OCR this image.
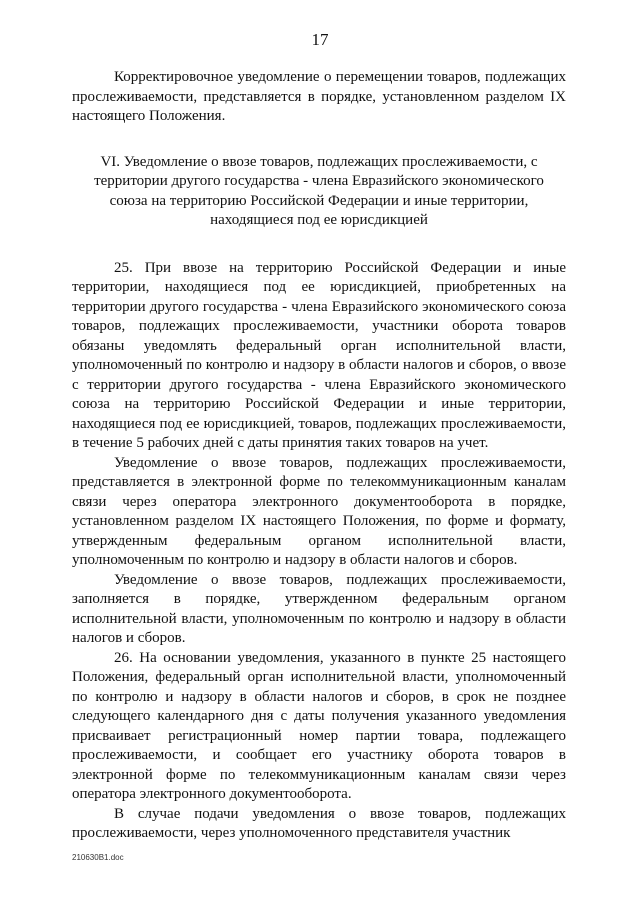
17

Корректировочное уведомление о перемещении товаров, подлежащих прослеживаемости, представляется в порядке, установленном разделом IX настоящего Положения.

VI. Уведомление о ввозе товаров, подлежащих прослеживаемости, с
территории другого государства - члена Евразийского экономического
союза на территорию Российской Федерации и иные территории,
находящиеся под ее юрисдикцией

25. При ввозе на территорию Российской Федерации и иные территории, находящиеся под ее юрисдикцией, приобретенных на территории другого государства - члена Евразийского экономического союза товаров, подлежащих прослеживаемости, участники оборота товаров обязаны уведомлять федеральный орган исполнительной власти, уполномоченный по контролю и надзору в области налогов и сборов, о ввозе с территории другого государства - члена Евразийского экономического союза на территорию Российской Федерации и иные территории, находящиеся под ее юрисдикцией, товаров, подлежащих прослеживаемости, в течение 5 рабочих дней с даты принятия таких товаров на учет.

Уведомление о ввозе товаров, подлежащих прослеживаемости, представляется в электронной форме по телекоммуникационным каналам связи через оператора электронного документооборота в порядке, установленном разделом IX настоящего Положения, по форме и формату, утвержденным федеральным органом исполнительной власти, уполномоченным по контролю и надзору в области налогов и сборов.

Уведомление о ввозе товаров, подлежащих прослеживаемости, заполняется в порядке, утвержденном федеральным органом исполнительной власти, уполномоченным по контролю и надзору в области налогов и сборов.

26. На основании уведомления, указанного в пункте 25 настоящего Положения, федеральный орган исполнительной власти, уполномоченный по контролю и надзору в области налогов и сборов, в срок не позднее следующего календарного дня с даты получения указанного уведомления присваивает регистрационный номер партии товара, подлежащего прослеживаемости, и сообщает его участнику оборота товаров в электронной форме по телекоммуникационным каналам связи через оператора электронного документооборота.

В случае подачи уведомления о ввозе товаров, подлежащих прослеживаемости, через уполномоченного представителя участник

210630В1.doc
